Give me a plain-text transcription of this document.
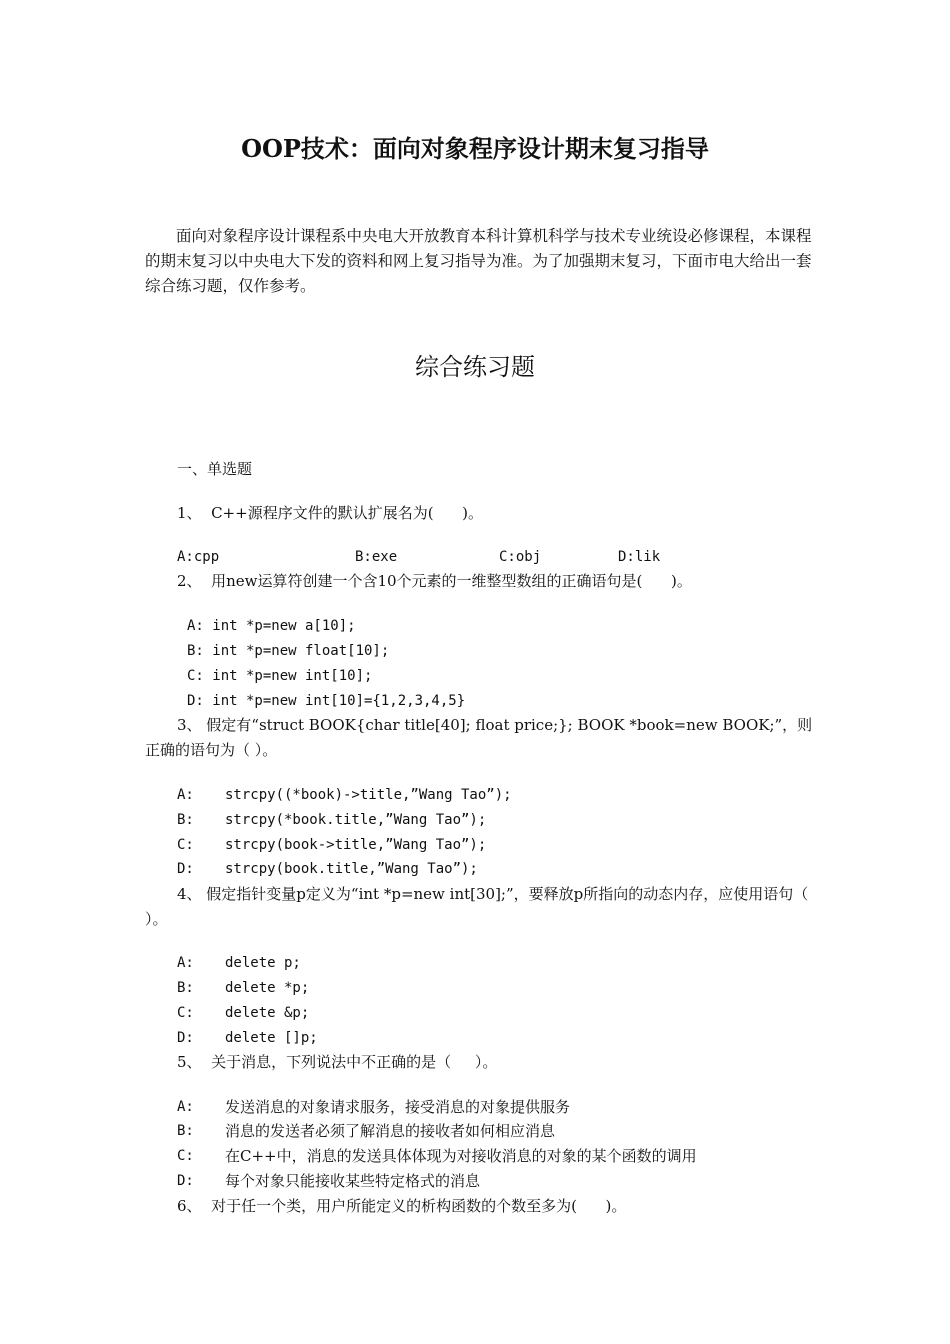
OOP技术：面向对象程序设计期末复习指导

面向对象程序设计课程系中央电大开放教育本科计算机科学与技术专业统设必修课程，本课程的期末复习以中央电大下发的资料和网上复习指导为准。为了加强期末复习，下面市电大给出一套综合练习题，仅作参考。

综合练习题
一、单选题
1、  C++源程序文件的默认扩展名为(      )。
A:cpp	B:exe	C:obj	D:lik
2、  用new运算符创建一个含10个元素的一维整型数组的正确语句是(      )。
A: int *p=new a[10];
B: int *p=new float[10];
C: int *p=new int[10];
D: int *p=new int[10]={1,2,3,4,5}

3、 假定有“struct BOOK{char title[40]; float price;}; BOOK *book=new BOOK;”，则正确的语句为（ ）。

A: strcpy((*book)->title,”Wang Tao”);
B: strcpy(*book.title,”Wang Tao”);
C: strcpy(book->title,”Wang Tao”);
D: strcpy(book.title,”Wang Tao”);

4、 假定指针变量p定义为“int *p=new int[30];”，要释放p所指向的动态内存，应使用语句（ ）。

A: delete p;
B: delete *p;
C: delete &p;
D: delete []p;
5、  关于消息，下列说法中不正确的是（     ）。
A: 发送消息的对象请求服务，接受消息的对象提供服务
B: 消息的发送者必须了解消息的接收者如何相应消息
C: 在C++中，消息的发送具体体现为对接收消息的对象的某个函数的调用
D: 每个对象只能接收某些特定格式的消息
6、  对于任一个类，用户所能定义的析构函数的个数至多为(      )。
